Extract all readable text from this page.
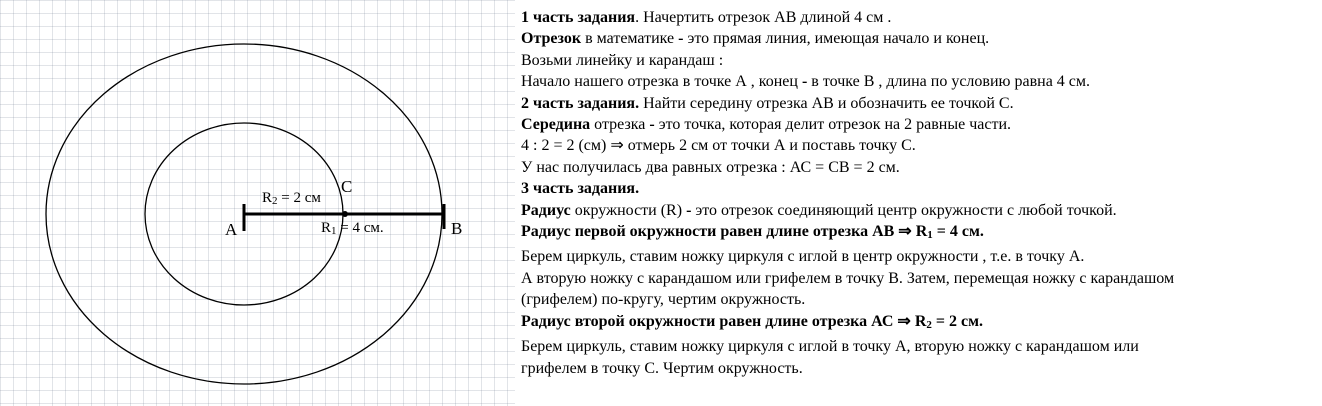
A	B
C
R2 = 2 см
R1 = 4 см.
1 часть задания. Начертить отрезок АВ длиной 4 см .
Отрезок в математике - это прямая линия, имеющая начало и конец.
Возьми линейку и карандаш :
Начало нашего отрезка в точке А , конец - в точке В , длина по условию равна 4 см.
2 часть задания. Найти середину отрезка АВ и обозначить ее точкой С.
Середина отрезка - это точка, которая делит отрезок на 2 равные части.
4 : 2 = 2 (см) ⇒ отмерь 2 см от точки А и поставь точку С.
У нас получилась два равных отрезка : АС = СВ = 2 см.
3 часть задания.
Радиус окружности (R) - это отрезок соединяющий центр окружности с любой точкой.
Радиус первой окружности равен длине отрезка АВ ⇒ R1 = 4 см.
Берем циркуль, ставим ножку циркуля с иглой в центр окружности , т.е. в точку А.
А вторую ножку с карандашом или грифелем в точку В. Затем, перемещая ножку с карандашом
(грифелем) по-кругу, чертим окружность.
Радиус второй окружности равен длине отрезка АС ⇒ R2 = 2 см.
Берем циркуль, ставим ножку циркуля с иглой в точку А, вторую ножку с карандашом или
грифелем в точку С. Чертим окружность.
